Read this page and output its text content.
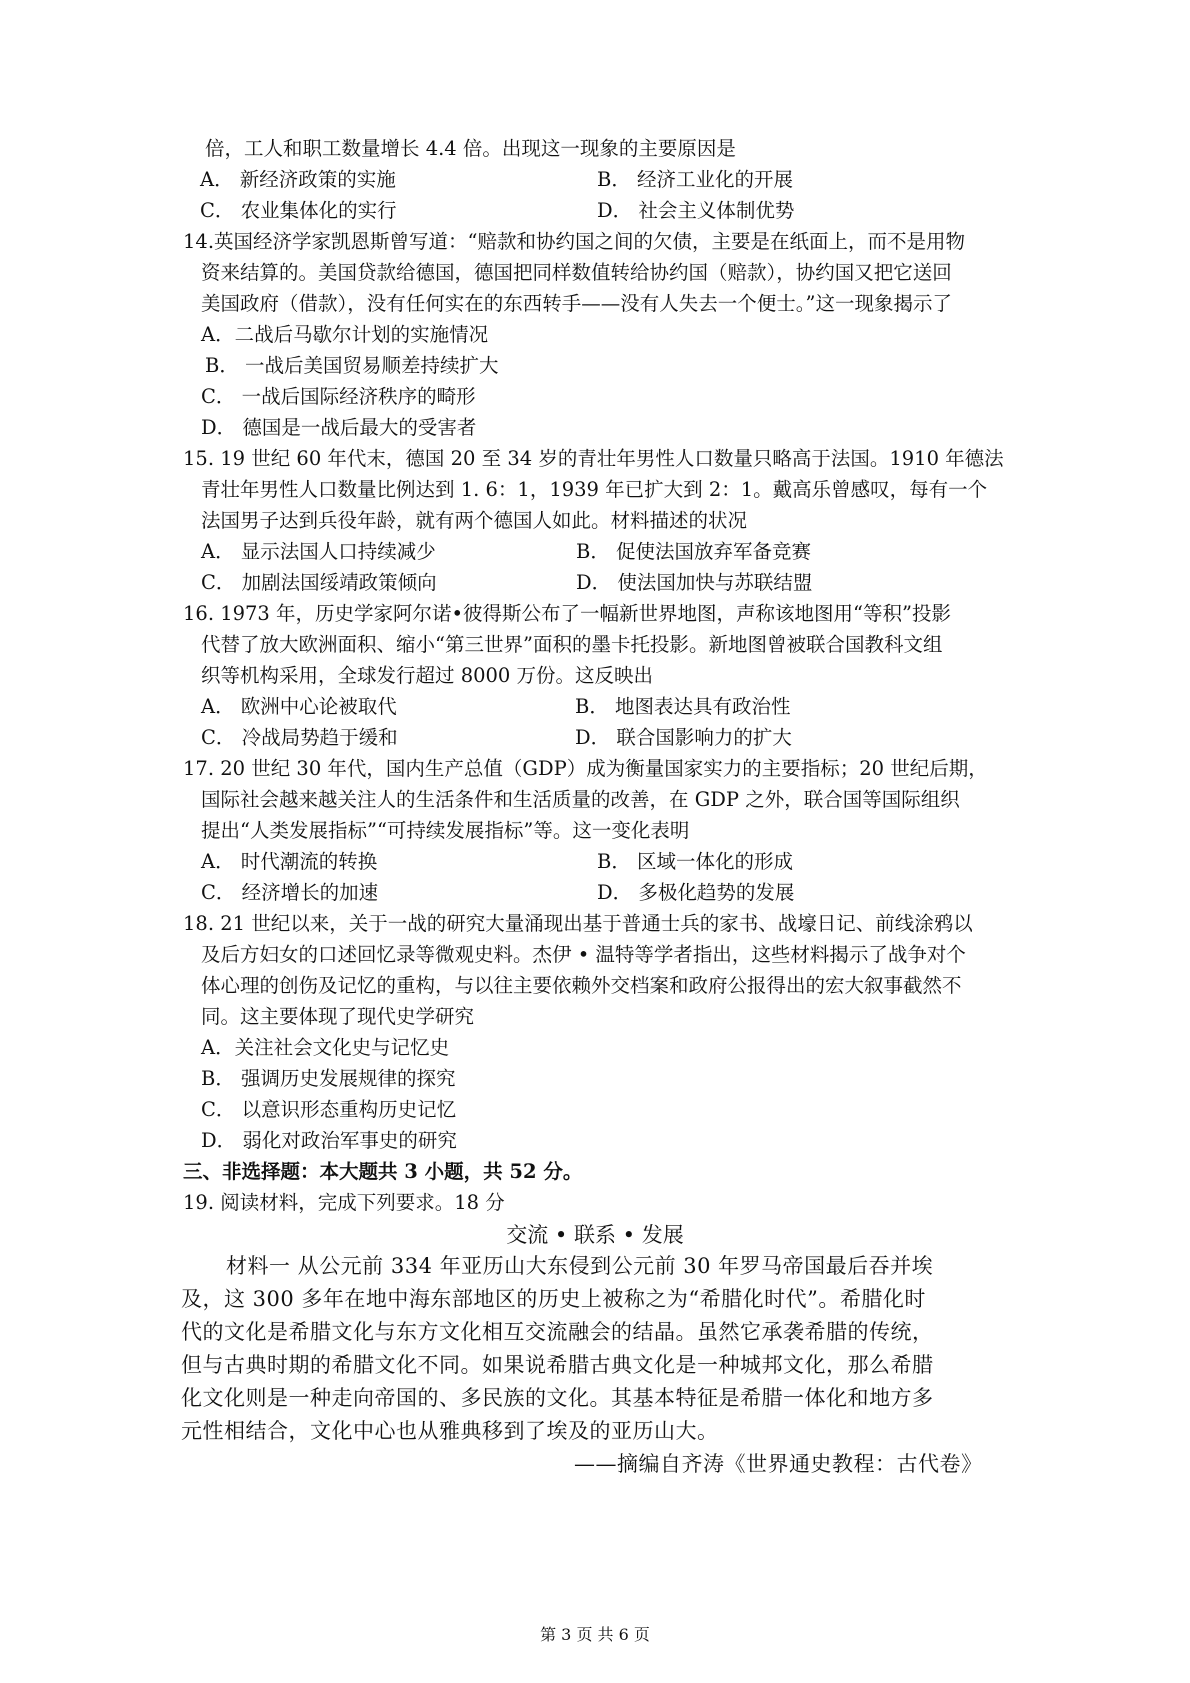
倍，工人和职工数量增长 4.4 倍。出现这一现象的主要原因是
A． 新经济政策的实施	B． 经济工业化的开展
C． 农业集体化的实行	D． 社会主义体制优势
14.英国经济学家凯恩斯曾写道：“赔款和协约国之间的欠债，主要是在纸面上，而不是用物
资来结算的。美国贷款给德国，德国把同样数值转给协约国（赔款），协约国又把它送回
美国政府（借款），没有任何实在的东西转手——没有人失去一个便士。”这一现象揭示了
A．二战后马歇尔计划的实施情况
B． 一战后美国贸易顺差持续扩大
C． 一战后国际经济秩序的畸形
D． 德国是一战后最大的受害者
15. 19 世纪 60 年代末，德国 20 至 34 岁的青壮年男性人口数量只略高于法国。1910 年德法
青壮年男性人口数量比例达到 1. 6：1，1939 年已扩大到 2：1。戴高乐曾感叹，每有一个
法国男子达到兵役年龄，就有两个德国人如此。材料描述的状况
A． 显示法国人口持续减少	B． 促使法国放弃军备竞赛
C． 加剧法国绥靖政策倾向	D． 使法国加快与苏联结盟
16. 1973 年，历史学家阿尔诺•彼得斯公布了一幅新世界地图，声称该地图用“等积”投影
代替了放大欧洲面积、缩小“第三世界”面积的墨卡托投影。新地图曾被联合国教科文组
织等机构采用，全球发行超过 8000 万份。这反映出
A． 欧洲中心论被取代	B． 地图表达具有政治性
C． 冷战局势趋于缓和	D． 联合国影响力的扩大
17. 20 世纪 30 年代，国内生产总值（GDP）成为衡量国家实力的主要指标；20 世纪后期，
国际社会越来越关注人的生活条件和生活质量的改善，在 GDP 之外，联合国等国际组织
提出“人类发展指标”“可持续发展指标”等。这一变化表明
A． 时代潮流的转换	B． 区域一体化的形成
C． 经济增长的加速	D． 多极化趋势的发展
18. 21 世纪以来，关于一战的研究大量涌现出基于普通士兵的家书、战壕日记、前线涂鸦以
及后方妇女的口述回忆录等微观史料。杰伊 • 温特等学者指出，这些材料揭示了战争对个
体心理的创伤及记忆的重构，与以往主要依赖外交档案和政府公报得出的宏大叙事截然不
同。这主要体现了现代史学研究
A．关注社会文化史与记忆史
B． 强调历史发展规律的探究
C． 以意识形态重构历史记忆
D． 弱化对政治军事史的研究
三、非选择题：本大题共 3 小题，共 52 分。
19. 阅读材料，完成下列要求。18 分
交流 • 联系 • 发展
材料一 从公元前 334 年亚历山大东侵到公元前 30 年罗马帝国最后吞并埃
及，这 300 多年在地中海东部地区的历史上被称之为“希腊化时代”。希腊化时
代的文化是希腊文化与东方文化相互交流融会的结晶。虽然它承袭希腊的传统，
但与古典时期的希腊文化不同。如果说希腊古典文化是一种城邦文化，那么希腊
化文化则是一种走向帝国的、多民族的文化。其基本特征是希腊一体化和地方多
元性相结合，文化中心也从雅典移到了埃及的亚历山大。
——摘编自齐涛《世界通史教程：古代卷》
第 3 页 共 6 页
